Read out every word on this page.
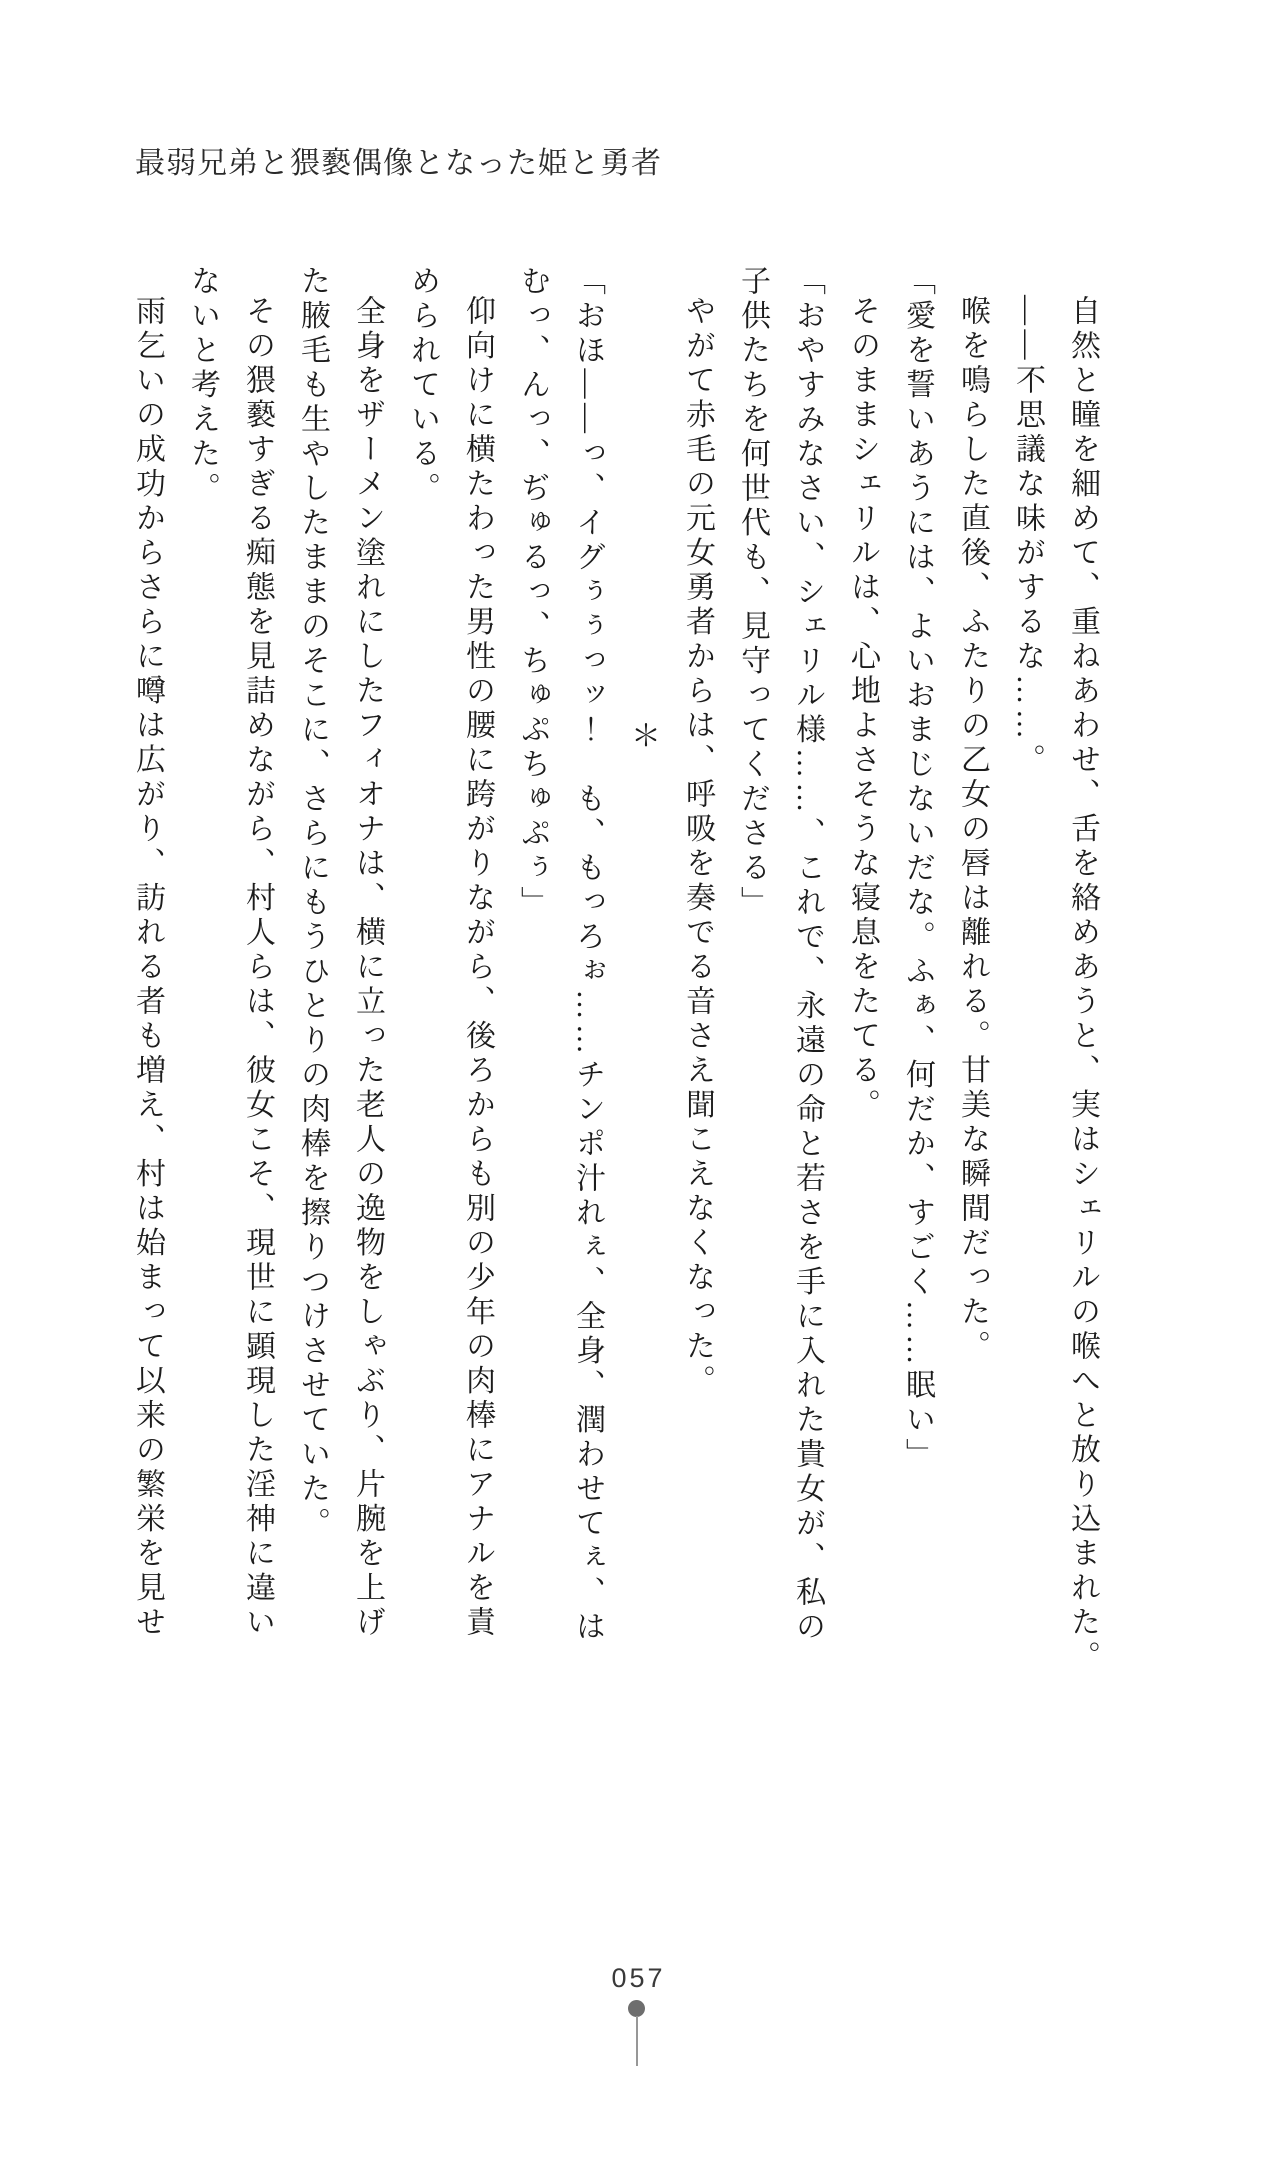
最弱兄弟と猥褻偶像となった姫と勇者

自然と瞳を細めて、重ねあわせ、舌を絡めあうと、実はシェリルの喉へと放り込まれた。

――不思議な味がするな……。

喉を鳴らした直後、ふたりの乙女の唇は離れる。甘美な瞬間だった。

「愛を誓いあうには、よいおまじないだな。ふぁ、何だか、すごく……眠い」

そのままシェリルは、心地よさそうな寝息をたてる。

「おやすみなさい、シェリル様……、これで、永遠の命と若さを手に入れた貴女が、私の

子供たちを何世代も、見守ってくださる」

やがて赤毛の元女勇者からは、呼吸を奏でる音さえ聞こえなくなった。

＊

「おほ――っ、イグぅぅっッ！　も、もっろぉ……チンポ汁れぇ、全身、潤わせてぇ、は

むっ、んっ、ぢゅるっ、ちゅぷちゅぷぅ」

仰向けに横たわった男性の腰に跨がりながら、後ろからも別の少年の肉棒にアナルを責

められている。

全身をザーメン塗れにしたフィオナは、横に立った老人の逸物をしゃぶり、片腕を上げ

た腋毛も生やしたままのそこに、さらにもうひとりの肉棒を擦りつけさせていた。

その猥褻すぎる痴態を見詰めながら、村人らは、彼女こそ、現世に顕現した淫神に違い

ないと考えた。

雨乞いの成功からさらに噂は広がり、訪れる者も増え、村は始まって以来の繁栄を見せ

057
